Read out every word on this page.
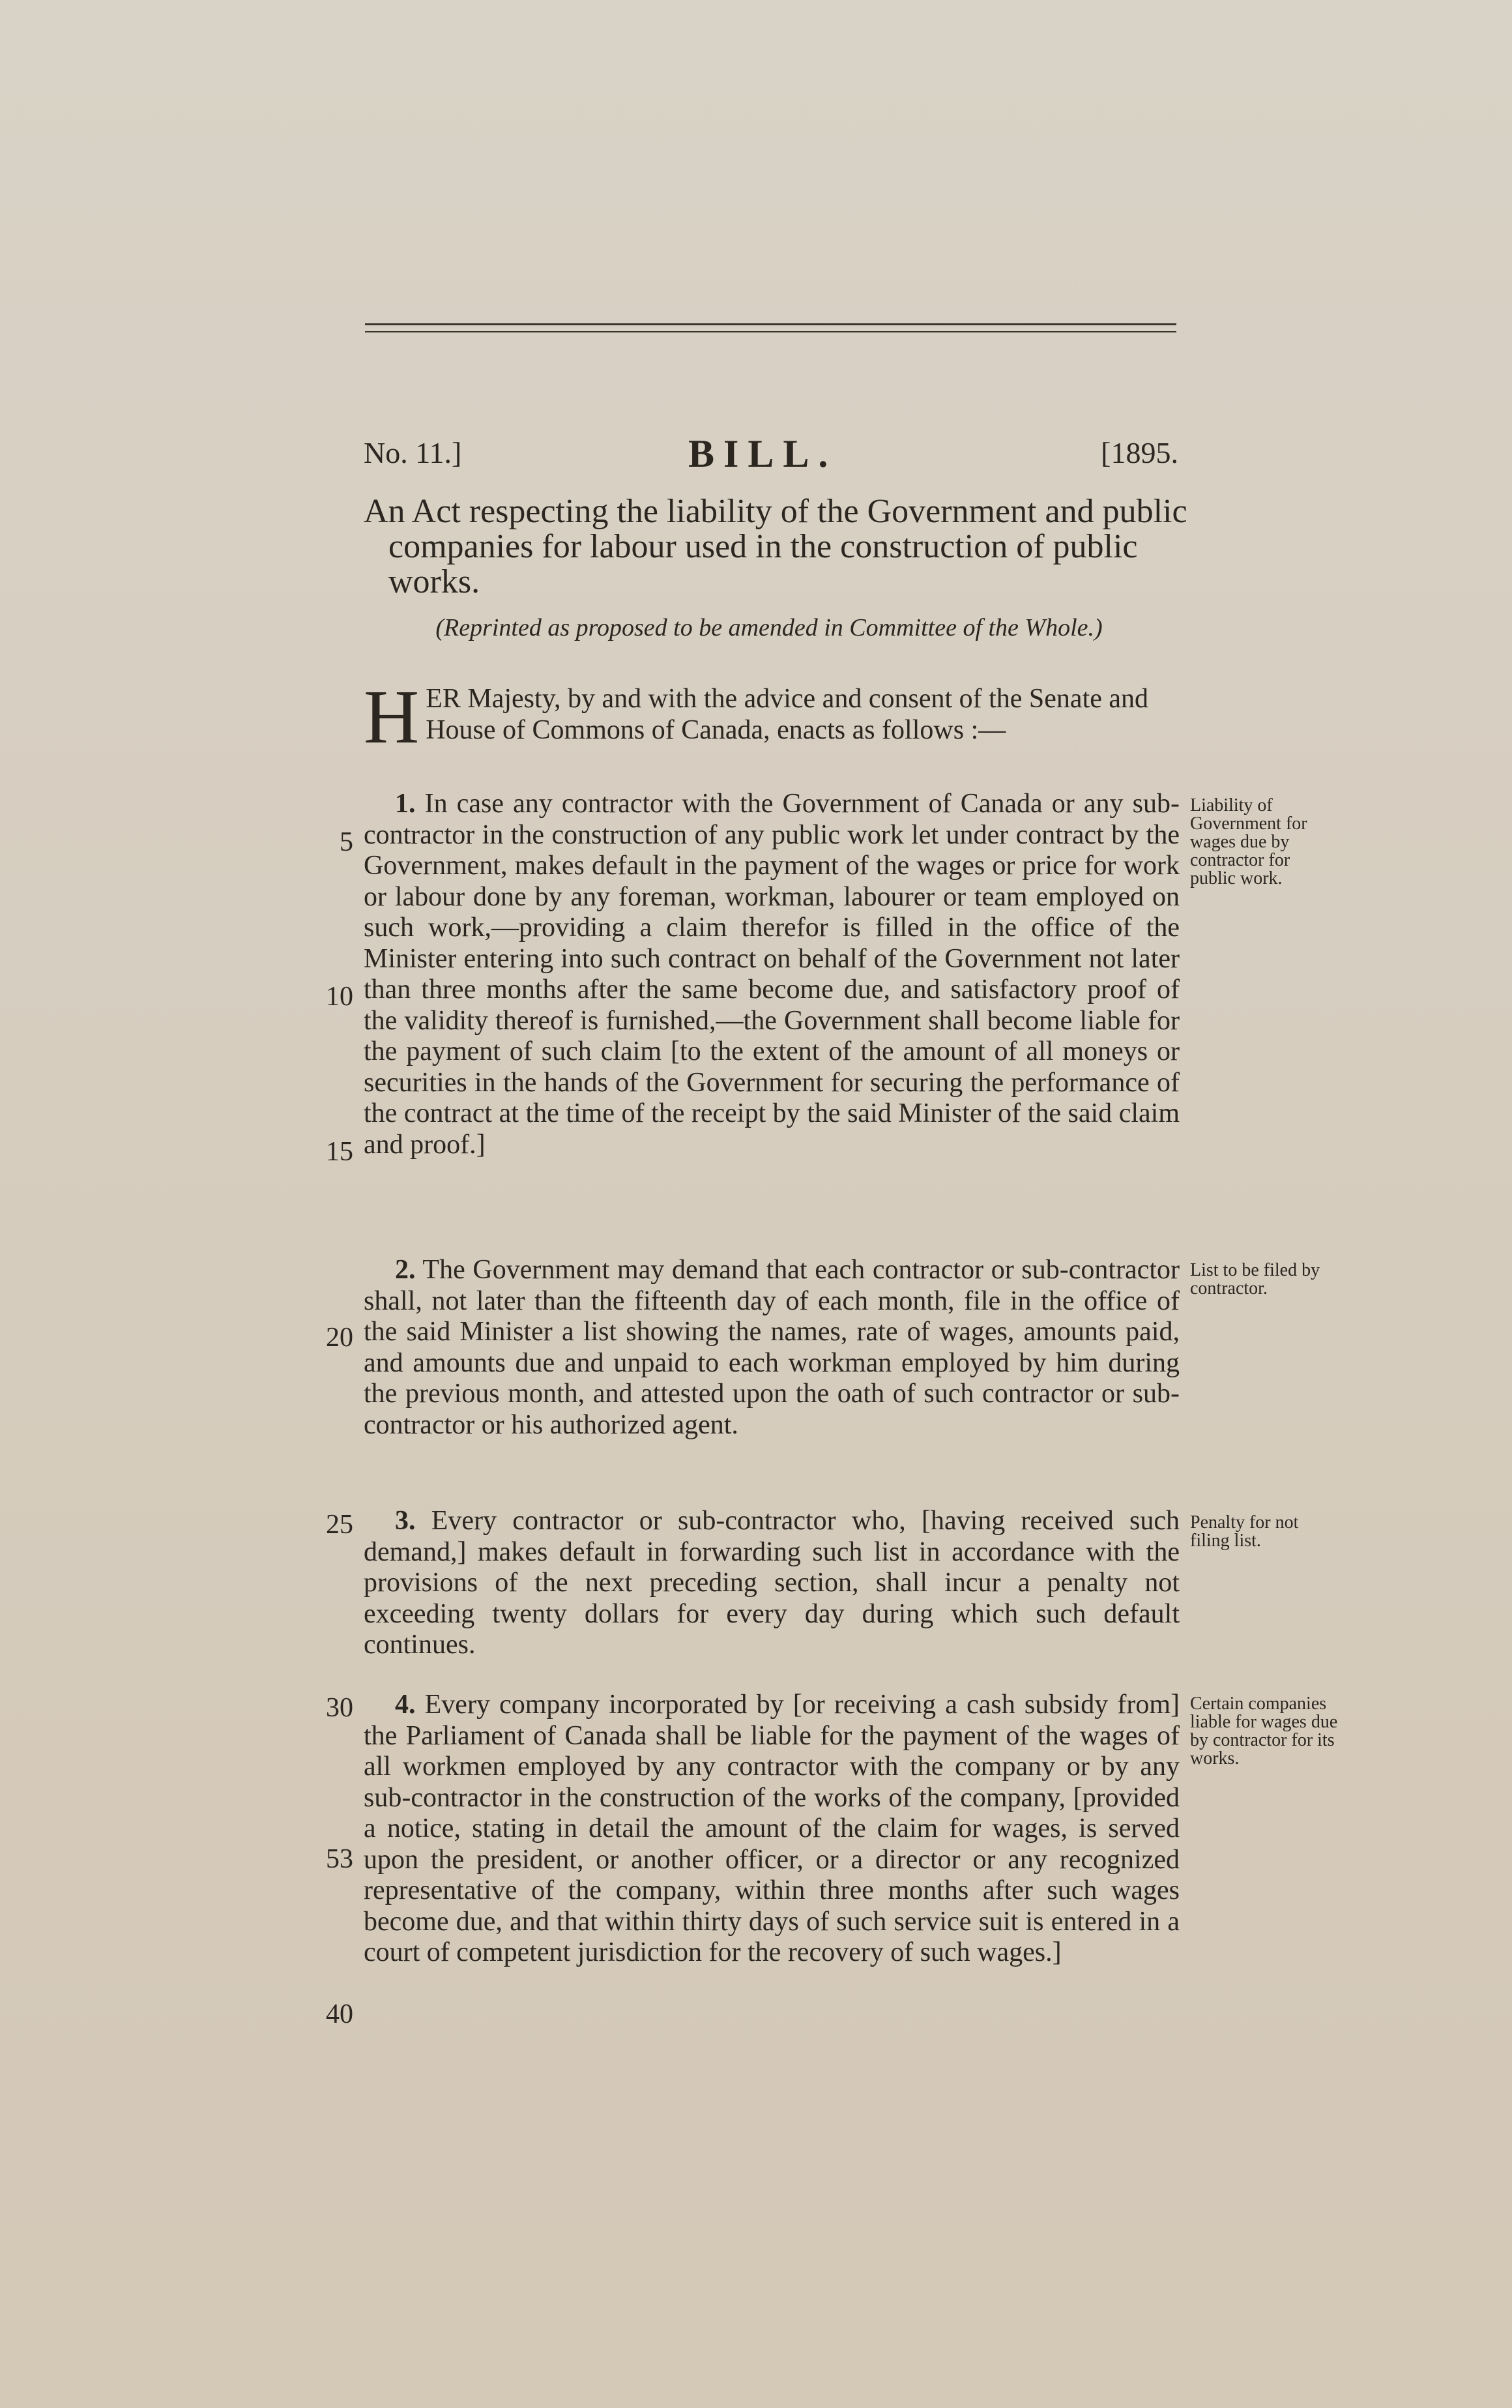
No. 11.]	BILL.	[1895.
An Act respecting the liability of the Government and public companies for labour used in the construction of public works.
(Reprinted as proposed to be amended in Committee of the Whole.)
H ER Majesty, by and with the advice and consent of the Senate and House of Commons of Canada, enacts as follows :—
1. In case any contractor with the Government of Canada or any sub-contractor in the construction of any public work let under contract by the Government, makes default in the payment of the wages or price for work or labour done by any foreman, workman, labourer or team employed on such work,—providing a claim therefor is filled in the office of the Minister entering into such contract on behalf of the Government not later than three months after the same become due, and satisfactory proof of the validity thereof is furnished,—the Government shall become liable for the payment of such claim [to the extent of the amount of all moneys or securities in the hands of the Government for securing the performance of the contract at the time of the receipt by the said Minister of the said claim and proof.]
Liability of Government for wages due by contractor for public work.
2. The Government may demand that each contractor or sub-contractor shall, not later than the fifteenth day of each month, file in the office of the said Minister a list showing the names, rate of wages, amounts paid, and amounts due and unpaid to each workman employed by him during the previous month, and attested upon the oath of such contractor or sub-contractor or his authorized agent.
List to be filed by contractor.
3. Every contractor or sub-contractor who, [having received such demand,] makes default in forwarding such list in accordance with the provisions of the next preceding section, shall incur a penalty not exceeding twenty dollars for every day during which such default continues.
Penalty for not filing list.
4. Every company incorporated by [or receiving a cash subsidy from] the Parliament of Canada shall be liable for the payment of the wages of all workmen employed by any contractor with the company or by any sub-contractor in the construction of the works of the company, [provided a notice, stating in detail the amount of the claim for wages, is served upon the president, or another officer, or a director or any recognized representative of the company, within three months after such wages become due, and that within thirty days of such service suit is entered in a court of competent jurisdiction for the recovery of such wages.]
Certain companies liable for wages due by contractor for its works.
5
10
15
20
25
30
53
40
